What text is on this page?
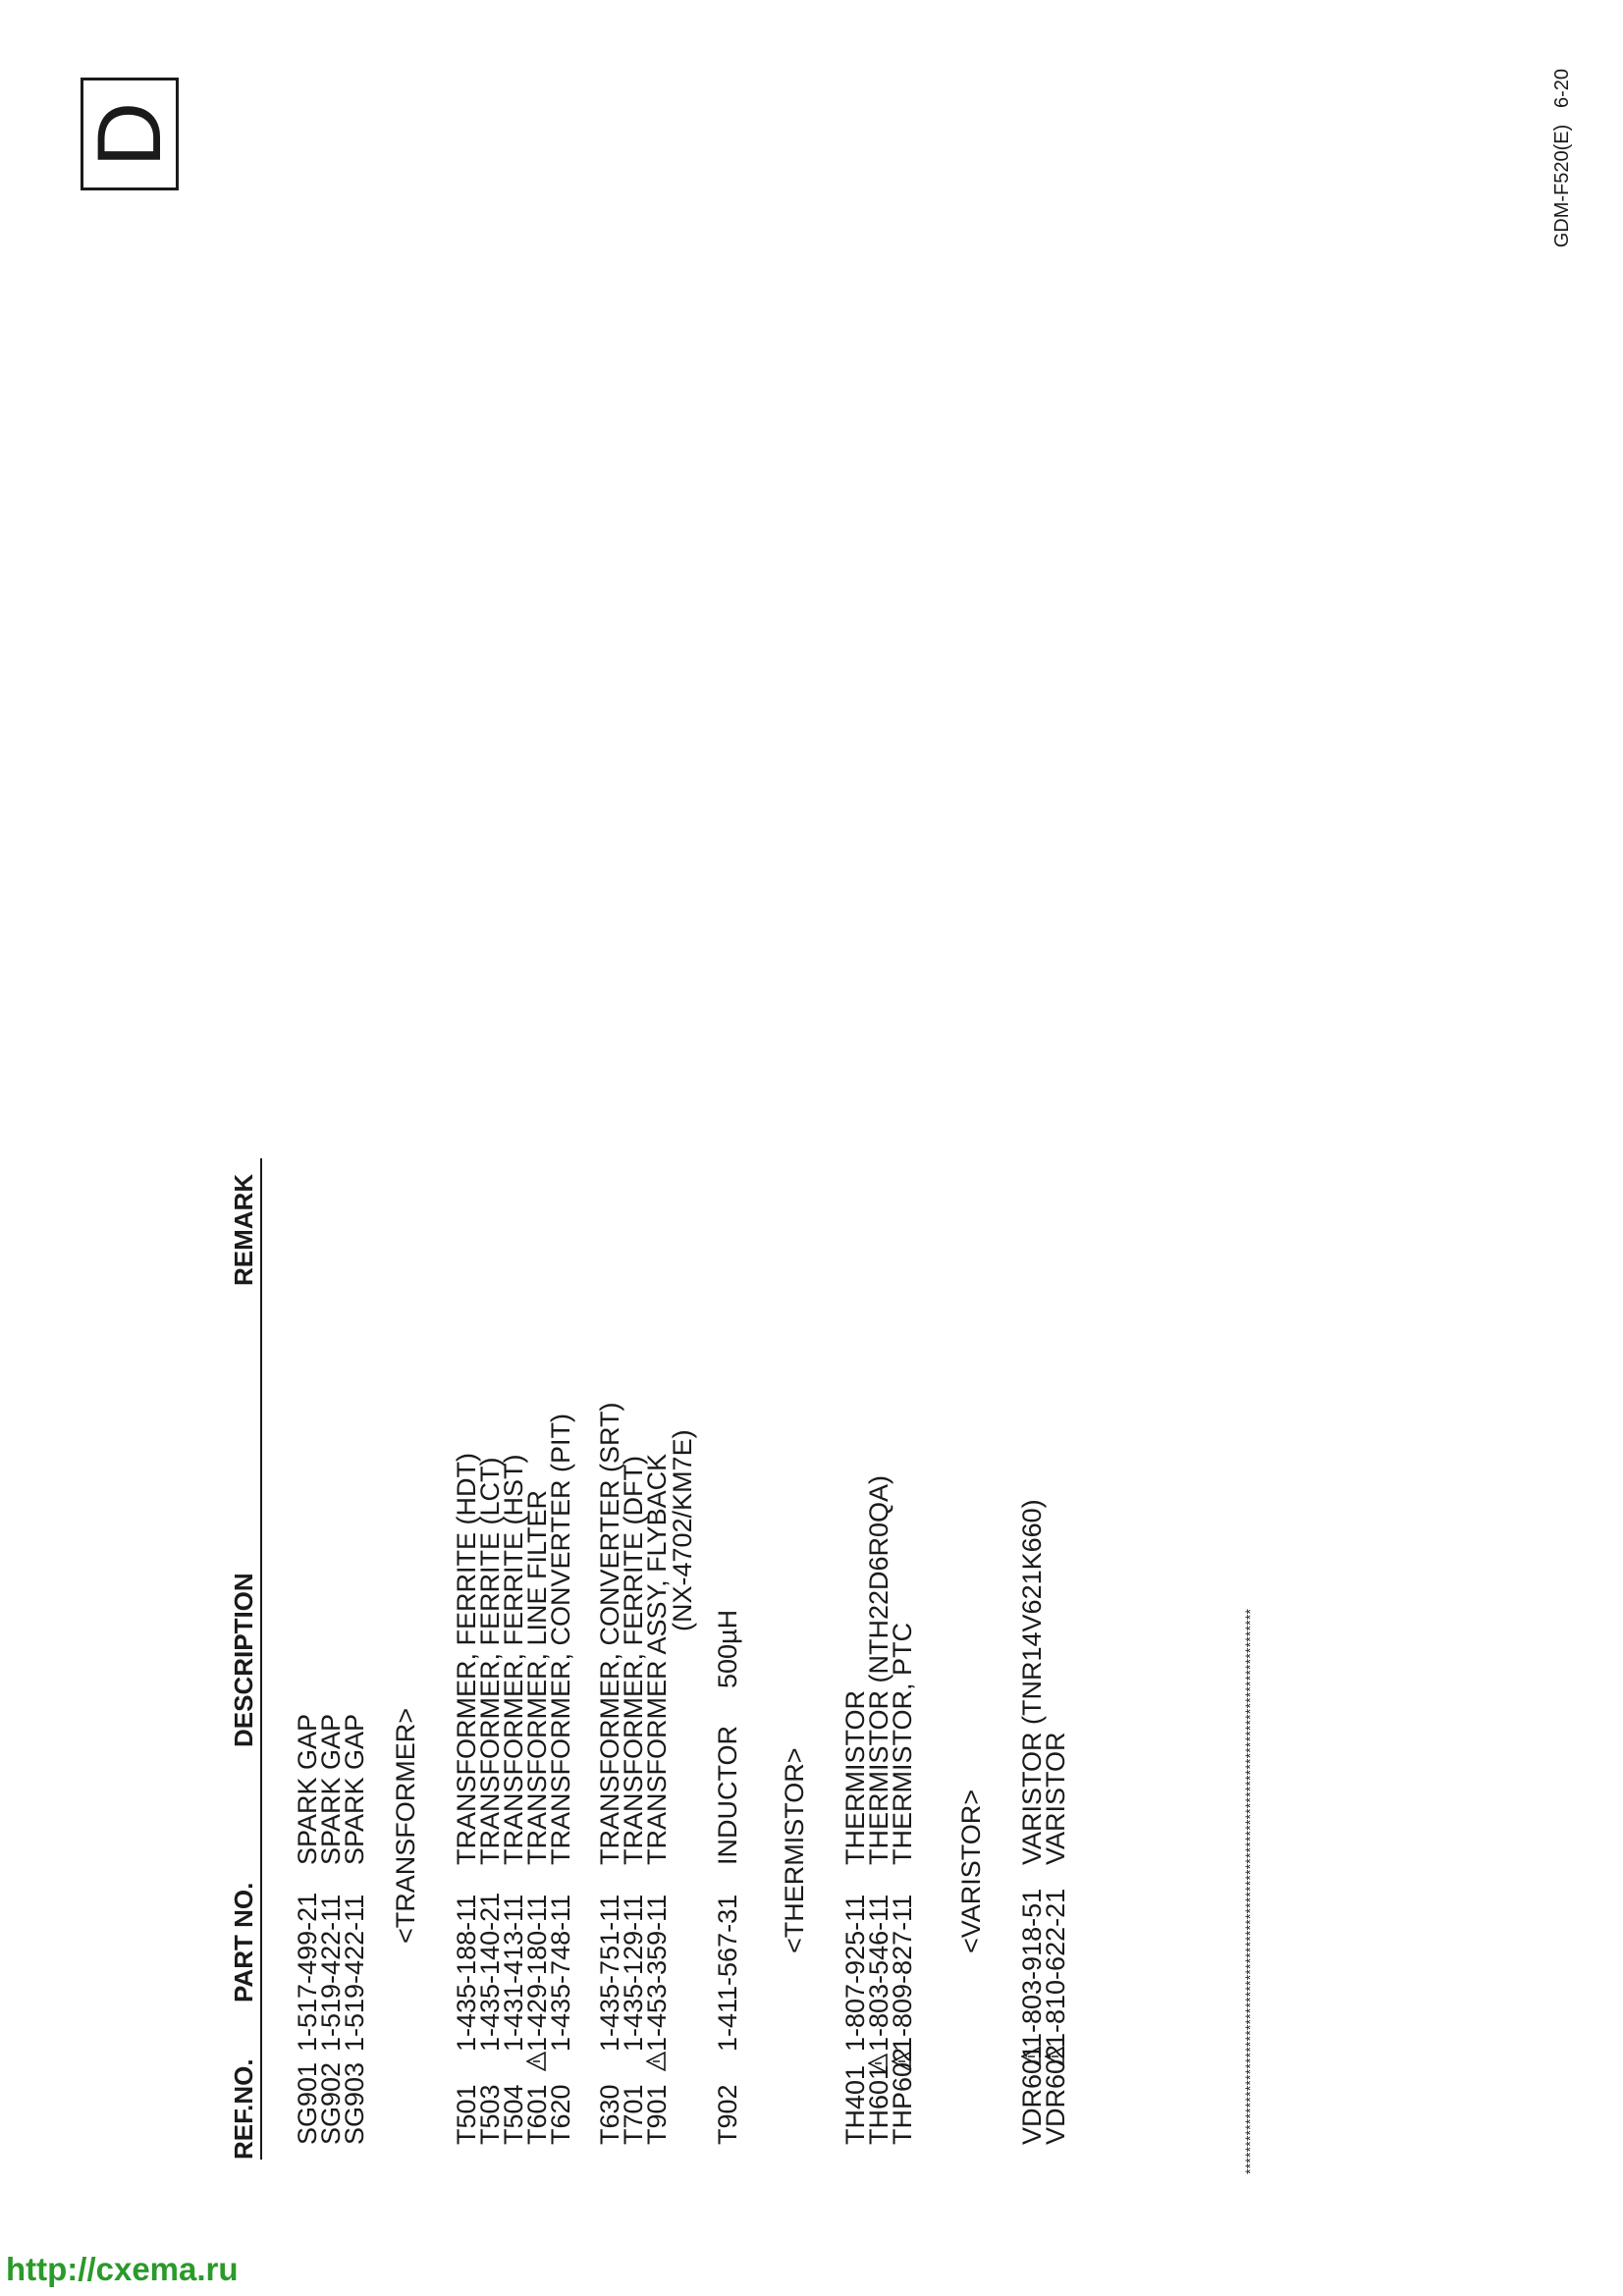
D	GDM-F520(E)   6-20
REF.NO.
PART NO.
DESCRIPTION
REMARK
SG901
1-517-499-21
SPARK GAP
SG902
1-519-422-11
SPARK GAP
SG903
1-519-422-11
SPARK GAP <TRANSFORMER>
T501
1-435-188-11
TRANSFORMER, FERRITE (HDT)
T503
1-435-140-21
TRANSFORMER, FERRITE (LCT)
T504
1-431-413-11
TRANSFORMER, FERRITE (HST)
T601
1-429-180-11
TRANSFORMER, LINE FILTER
T620
1-435-748-11
TRANSFORMER, CONVERTER (PIT)
T630
1-435-751-11
TRANSFORMER, CONVERTER (SRT)
T701
1-435-129-11
TRANSFORMER, FERRITE (DFT)
T901
1-453-359-11
TRANSFORMER ASSY, FLYBACK
(NX-4702/KM7E)
T902
1-411-567-31
INDUCTOR
500µH
<THERMISTOR>
TH401
1-807-925-11
THERMISTOR
TH601
1-803-546-11
THERMISTOR (NTH22D6R0QA)
THP602
1-809-827-11
THERMISTOR, PTC
<VARISTOR>
VDR601
1-803-918-51
VARISTOR (TNR14V621K660)
VDR602
1-810-622-21
VARISTOR	******************************************************************************************************
http://cxema.ru
